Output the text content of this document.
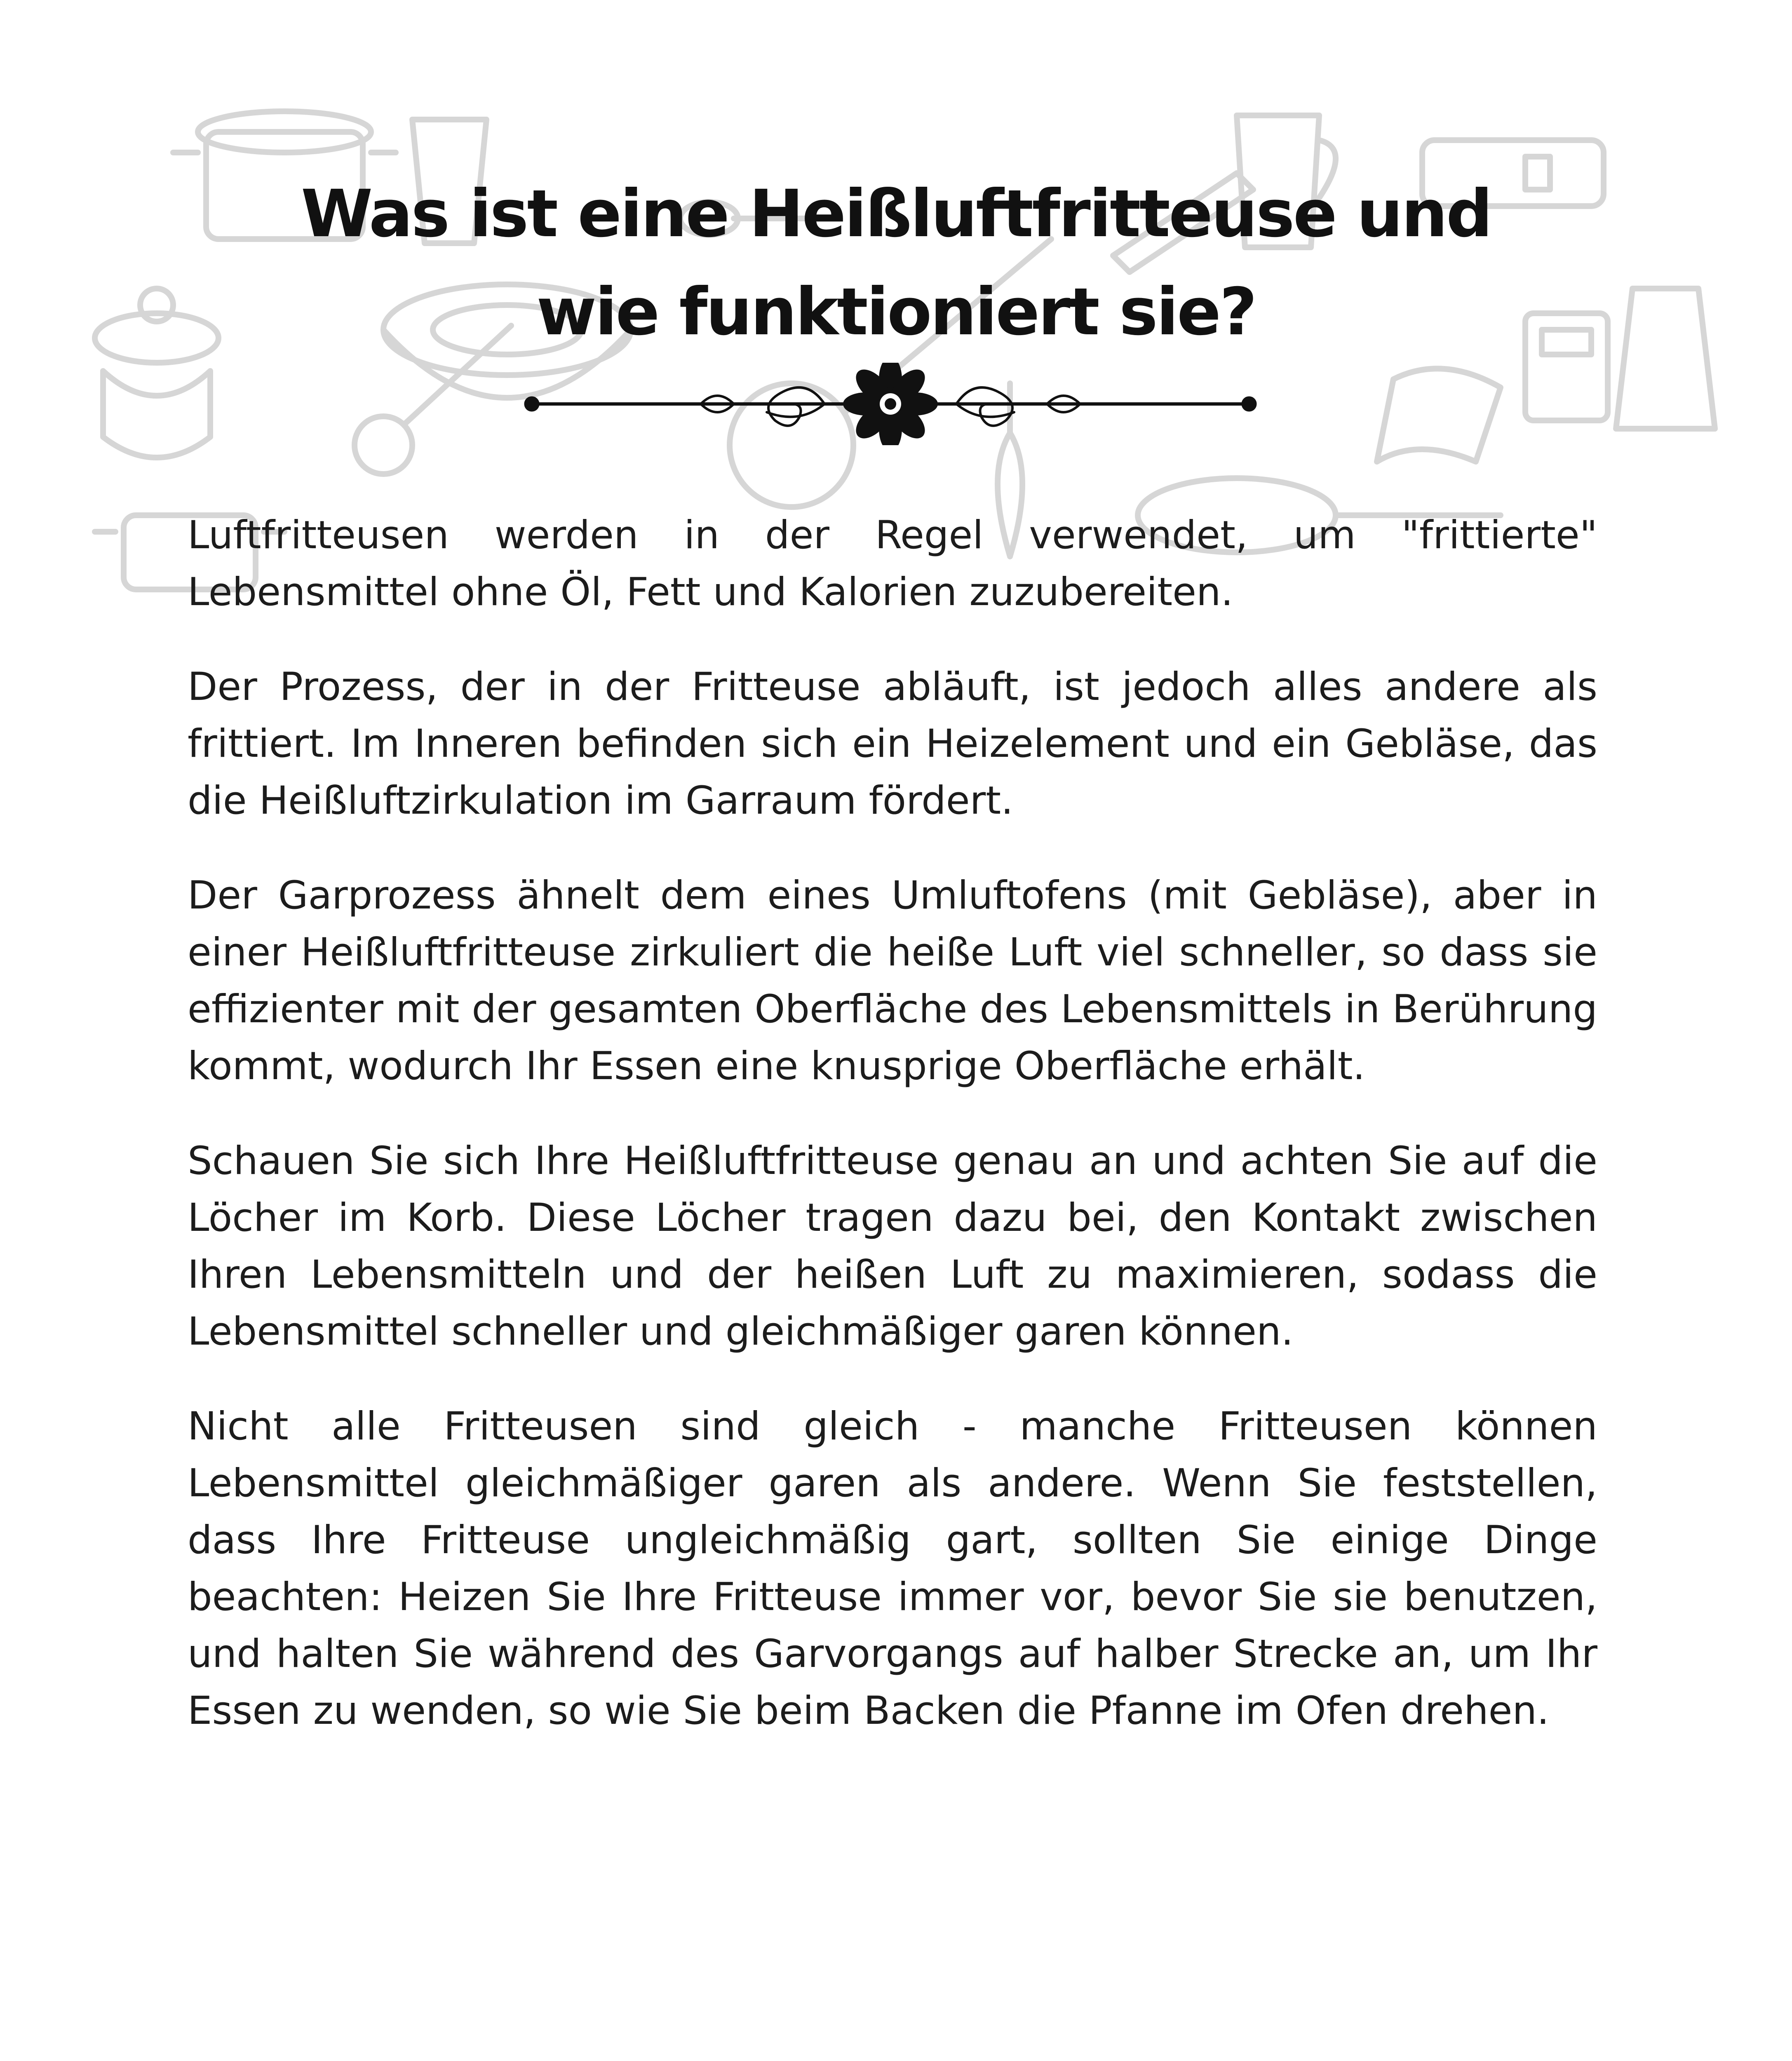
Was ist eine Heißluftfritteuse und
wie funktioniert sie?

Luftfritteusen werden in der Regel verwendet, um "frittierte" Lebensmittel ohne Öl, Fett und Kalorien zuzubereiten.

Der Prozess, der in der Fritteuse abläuft, ist jedoch alles andere als frittiert. Im Inneren befinden sich ein Heizelement und ein Gebläse, das die Heißluftzirkulation im Garraum fördert.

Der Garprozess ähnelt dem eines Umluftofens (mit Gebläse), aber in einer Heißluftfritteuse zirkuliert die heiße Luft viel schneller, so dass sie effizienter mit der gesamten Oberfläche des Lebensmittels in Berührung kommt, wodurch Ihr Essen eine knusprige Oberfläche erhält.

Schauen Sie sich Ihre Heißluftfritteuse genau an und achten Sie auf die Löcher im Korb. Diese Löcher tragen dazu bei, den Kontakt zwischen Ihren Lebensmitteln und der heißen Luft zu maximieren, sodass die Lebensmittel schneller und gleichmäßiger garen können.

Nicht alle Fritteusen sind gleich - manche Fritteusen können Lebensmittel gleichmäßiger garen als andere. Wenn Sie feststellen, dass Ihre Fritteuse ungleichmäßig gart, sollten Sie einige Dinge beachten: Heizen Sie Ihre Fritteuse immer vor, bevor Sie sie benutzen, und halten Sie während des Garvorgangs auf halber Strecke an, um Ihr Essen zu wenden, so wie Sie beim Backen die Pfanne im Ofen drehen.
